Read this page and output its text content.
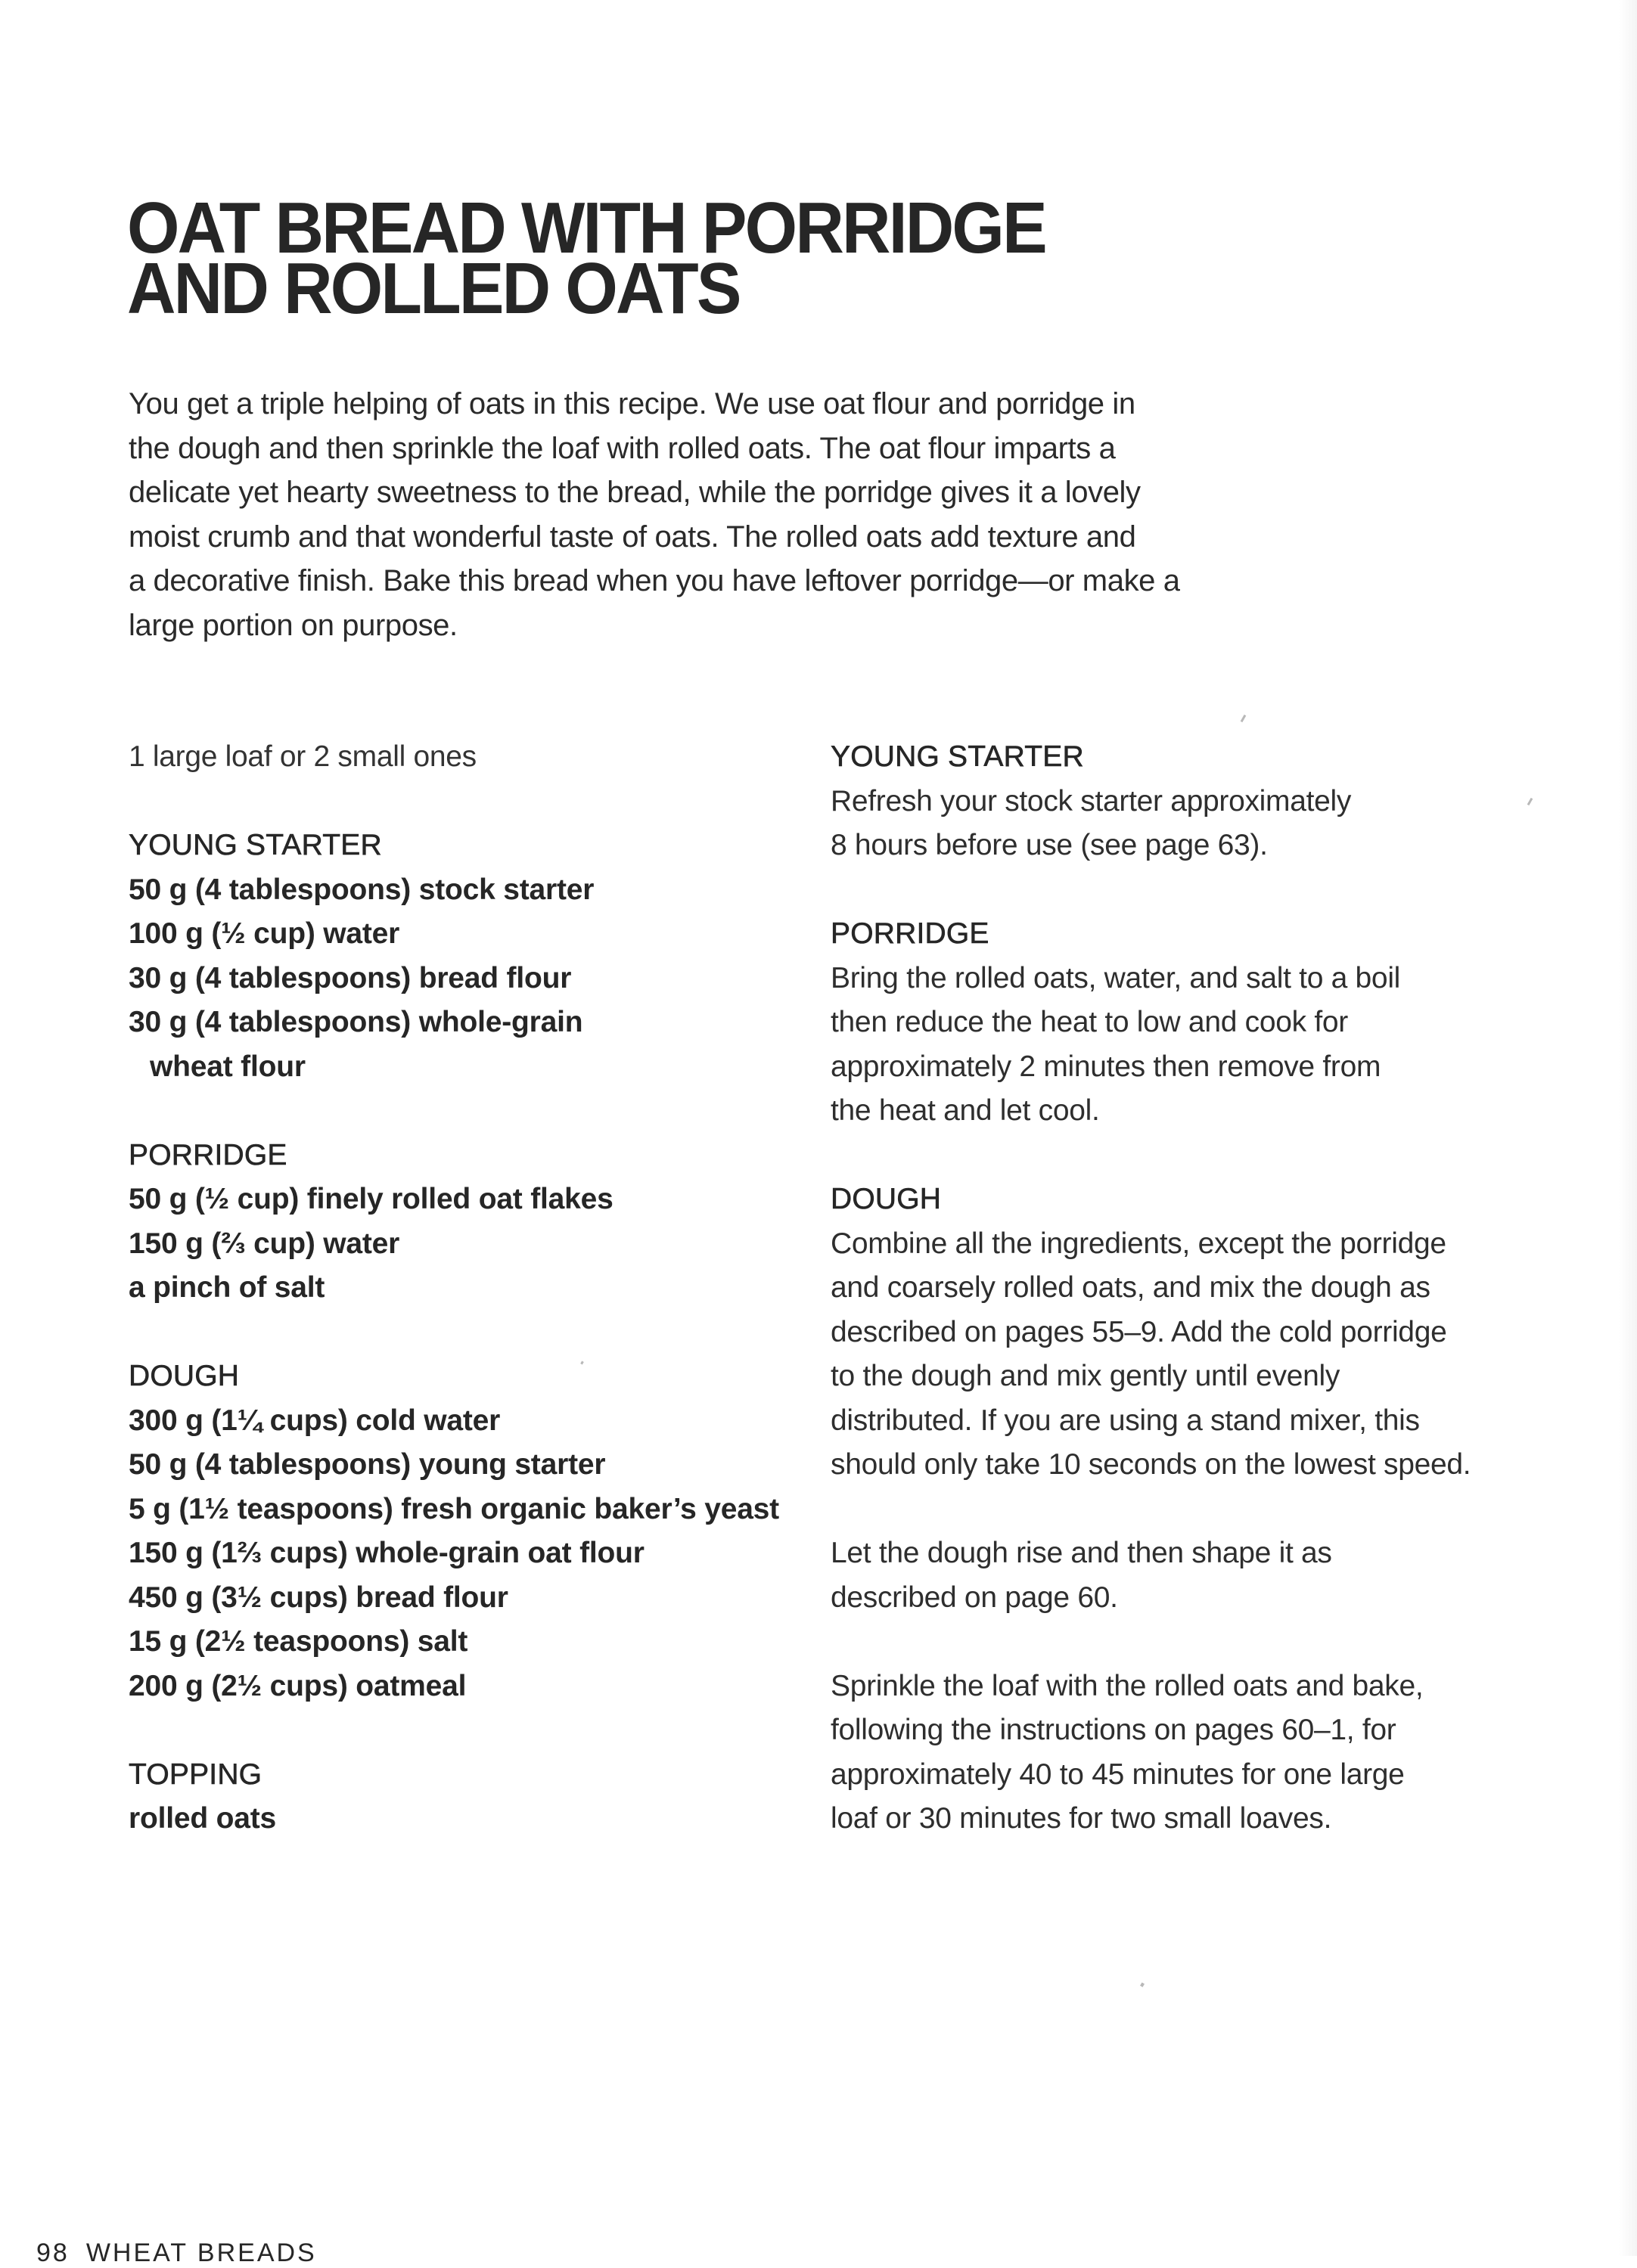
OAT BREAD WITH PORRIDGE
AND ROLLED OATS

You get a triple helping of oats in this recipe. We use oat flour and porridge in
the dough and then sprinkle the loaf with rolled oats. The oat flour imparts a
delicate yet hearty sweetness to the bread, while the porridge gives it a lovely
moist crumb and that wonderful taste of oats. The rolled oats add texture and
a decorative finish. Bake this bread when you have leftover porridge—or make a
large portion on purpose.

1 large loaf or 2 small ones
YOUNG STARTER
50 g (4 tablespoons) stock starter
100 g (½ cup) water
30 g (4 tablespoons) bread flour
30 g (4 tablespoons) whole-grain
wheat flour
PORRIDGE
50 g (½ cup) finely rolled oat flakes
150 g (⅔ cup) water
a pinch of salt
DOUGH
300 g (1¼ cups) cold water
50 g (4 tablespoons) young starter
5 g (1½ teaspoons) fresh organic baker’s yeast
150 g (1⅔ cups) whole-grain oat flour
450 g (3½ cups) bread flour
15 g (2½ teaspoons) salt
200 g (2½ cups) oatmeal
TOPPING
rolled oats
YOUNG STARTER
Refresh your stock starter approximately
8 hours before use (see page 63).
PORRIDGE
Bring the rolled oats, water, and salt to a boil
then reduce the heat to low and cook for
approximately 2 minutes then remove from
the heat and let cool.
DOUGH
Combine all the ingredients, except the porridge
and coarsely rolled oats, and mix the dough as
described on pages 55–9. Add the cold porridge
to the dough and mix gently until evenly
distributed. If you are using a stand mixer, this
should only take 10 seconds on the lowest speed.
Let the dough rise and then shape it as
described on page 60.
Sprinkle the loaf with the rolled oats and bake,
following the instructions on pages 60–1, for
approximately 40 to 45 minutes for one large
loaf or 30 minutes for two small loaves.
98 WHEAT BREADS
